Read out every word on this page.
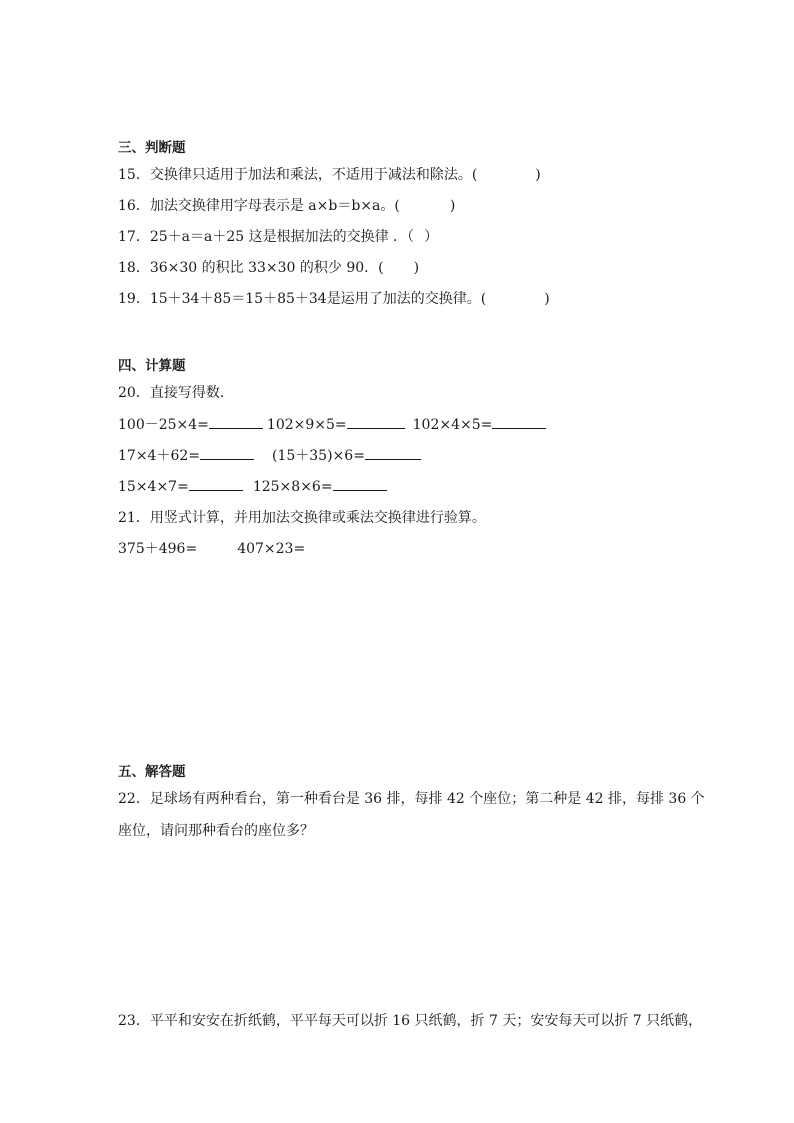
三、判断题
15．交换律只适用于加法和乘法，不适用于减法和除法。(	)
16．加法交换律用字母表示是 a×b＝b×a。(	)
17．25＋a＝a＋25 这是根据加法的交换律 ．（ ）
18．36×30 的积比 33×30 的积少 90．( )
19．15＋34＋85＝15＋85＋34是运用了加法的交换律。(	)
四、计算题
20．直接写得数．
100－25×4=	102×9×5=	102×4×5=
17×4＋62=	(15＋35)×6=
15×4×7=	125×8×6=
21．用竖式计算，并用加法交换律或乘法交换律进行验算。
375＋496=	407×23=
五、解答题
22．足球场有两种看台，第一种看台是 36 排，每排 42 个座位；第二种是 42 排，每排 36 个
座位，请问那种看台的座位多？
23．平平和安安在折纸鹤，平平每天可以折 16 只纸鹤，折 7 天；安安每天可以折 7 只纸鹤，
